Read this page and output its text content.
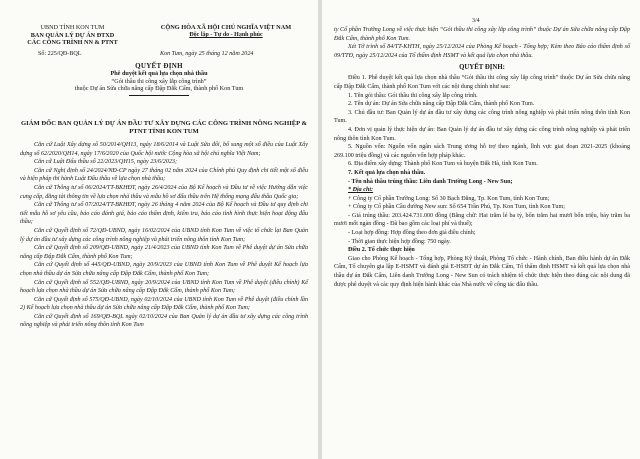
UBND TỈNH KON TUM

BAN QUẢN LÝ DỰ ÁN ĐTXD

CÁC CÔNG TRÌNH NN & PTNT

CỘNG HÒA XÃ HỘI CHỦ NGHĨA VIỆT NAM

Độc lập - Tự do - Hạnh phúc

Số: 225/QĐ-BQL	Kon Tum, ngày 25 tháng 12 năm 2024

QUYẾT ĐỊNH

Phê duyệt kết quả lựa chọn nhà thầu

“Gói thầu thi công xây lắp công trình”

thuộc Dự án Sửa chữa nâng cấp Đập Đắk Cấm, thành phố Kon Tum

GIÁM ĐỐC BAN QUẢN LÝ DỰ ÁN ĐẦU TƯ XÂY DỰNG CÁC CÔNG TRÌNH NÔNG NGHIỆP & PTNT TỈNH KON TUM

Căn cứ Luật Xây dựng số 50/2014/QH13, ngày 18/6/2014 và Luật Sửa đổi, bổ sung một số điều của Luật Xây dựng số 62/2020/QH14, ngày 17/6/2020 của Quốc hội nước Cộng hòa xã hội chủ nghĩa Việt Nam;

Căn cứ Luật Đấu thầu số 22/2023/QH15, ngày 23/6/2023;

Căn cứ Nghị định số 24/2024/NĐ-CP ngày 27 tháng 02 năm 2024 của Chính phủ Quy định chi tiết một số điều và biện pháp thi hành Luật Đấu thầu về lựa chọn nhà thầu;

Căn cứ Thông tư số 06/2024/TT-BKHĐT, ngày 26/4/2024 của Bộ Kế hoạch và Đầu tư về việc Hướng dẫn việc cung cấp, đăng tải thông tin về lựa chọn nhà thầu và mẫu hồ sơ đấu thầu trên Hệ thống mạng đấu thầu Quốc gia;

Căn cứ Thông tư số 07/2024/TT-BKHĐT, ngày 26 tháng 4 năm 2024 của Bộ Kế hoạch và Đầu tư quy định chi tiết mẫu hồ sơ yêu cầu, báo cáo đánh giá, báo cáo thẩm định, kiểm tra, báo cáo tình hình thực hiện hoạt động đấu thầu;

Căn cứ Quyết định số 72/QĐ-UBND, ngày 16/02/2024 của UBND tỉnh Kon Tum về việc tổ chức lại Ban Quản lý dự án đầu tư xây dựng các công trình nông nghiệp và phát triển nông thôn tỉnh Kon Tum;

Căn cứ Quyết định số 209/QĐ-UBND, ngày 21/4/2023 của UBND tỉnh Kon Tum về Phê duyệt dự án Sửa chữa nâng cấp Đập Đắk Cấm, thành phố Kon Tum;

Căn cứ Quyết định số 445/QĐ-UBND, ngày 20/9/2023 của UBND tỉnh Kon Tum về Phê duyệt Kế hoạch lựa chọn nhà thầu dự án Sửa chữa nâng cấp Đập Đắk Cấm, thành phố Kon Tum;

Căn cứ Quyết định số 552/QĐ-UBND, ngày 20/9/2024 của UBND tỉnh Kon Tum về Phê duyệt (điều chỉnh) Kế hoạch lựa chọn nhà thầu dự án Sửa chữa nâng cấp Đập Đắk Cấm, thành phố Kon Tum;

Căn cứ Quyết định số 575/QĐ-UBND, ngày 02/10/2024 của UBND tỉnh Kon Tum về Phê duyệt (điều chỉnh lần 2) Kế hoạch lựa chọn nhà thầu dự án Sửa chữa nâng cấp Đập Đắk Cấm, thành phố Kon Tum;

Căn cứ Quyết định số 169/QĐ-BQL ngày 02/10/2024 của Ban Quản lý dự án đầu tư xây dựng các công trình nông nghiệp và phát triển nông thôn tỉnh Kon Tum

3/4

ty Cổ phần Trường Long về việc thực hiện “Gói thầu thi công xây lắp công trình” thuộc Dự án Sửa chữa nâng cấp Đập Đắk Cấm, thành phố Kon Tum.

Xét Tờ trình số 84/TT-KHTH, ngày 25/12/2024 của Phòng Kế hoạch - Tổng hợp; Kèm theo Báo cáo thẩm định số 09/TTĐ, ngày 25/12/2024 của Tổ thẩm định HSMT và kết quả lựa chọn nhà thầu.

QUYẾT ĐỊNH:

Điều 1. Phê duyệt kết quả lựa chọn nhà thầu “Gói thầu thi công xây lắp công trình” thuộc Dự án Sửa chữa nâng cấp Đập Đắk Cấm, thành phố Kon Tum với các nội dung chính như sau:

1. Tên gói thầu: Gói thầu thi công xây lắp công trình.

2. Tên dự án: Dự án Sửa chữa nâng cấp Đập Đắk Cấm, thành phố Kon Tum.

3. Chủ đầu tư: Ban Quản lý dự án đầu tư xây dựng các công trình nông nghiệp và phát triển nông thôn tỉnh Kon Tum.

4. Đơn vị quản lý thực hiện dự án: Ban Quản lý dự án đầu tư xây dựng các công trình nông nghiệp và phát triển nông thôn tỉnh Kon Tum.

5. Nguồn vốn: Nguồn vốn ngân sách Trung ương hỗ trợ theo ngành, lĩnh vực giai đoạn 2021-2025 (khoảng 269.100 triệu đồng) và các nguồn vốn hợp pháp khác.

6. Địa điểm xây dựng: Thành phố Kon Tum và huyện Đắk Hà, tỉnh Kon Tum.

7. Kết quả lựa chọn nhà thầu.

- Tên nhà thầu trúng thầu: Liên danh Trường Long - New Sun;

* Địa chỉ:

+ Công ty Cổ phần Trường Long: Số 30 Bạch Đằng, Tp. Kon Tum, tỉnh Kon Tum;

+ Công ty Cổ phần Cầu đường New sun: Số 654 Trần Phú, Tp. Kon Tum, tỉnh Kon Tum;

- Giá trúng thầu: 203.424.731.000 đồng (Bằng chữ: Hai trăm lẻ ba tỷ, bốn trăm hai mươi bốn triệu, bảy trăm ba mươi mốt ngàn đồng - Đã bao gồm các loại phí và thuế);

- Loại hợp đồng: Hợp đồng theo đơn giá điều chỉnh;

- Thời gian thực hiện hợp đồng: 750 ngày.

Điều 2. Tổ chức thực hiện

Giao cho Phòng Kế hoạch - Tổng hợp, Phòng Kỹ thuật, Phòng Tổ chức - Hành chính, Ban điều hành dự án Đắk Cấm, Tổ chuyên gia lập E-HSMT và đánh giá E-HSĐT dự án Đắk Cấm, Tổ thẩm định HSMT và kết quả lựa chọn nhà thầu dự án Đắk Cấm, Liên danh Trường Long - New Sun có trách nhiệm tổ chức thực hiện theo đúng các nội dung đã được phê duyệt và các quy định hiện hành khác của Nhà nước về công tác đấu thầu.
